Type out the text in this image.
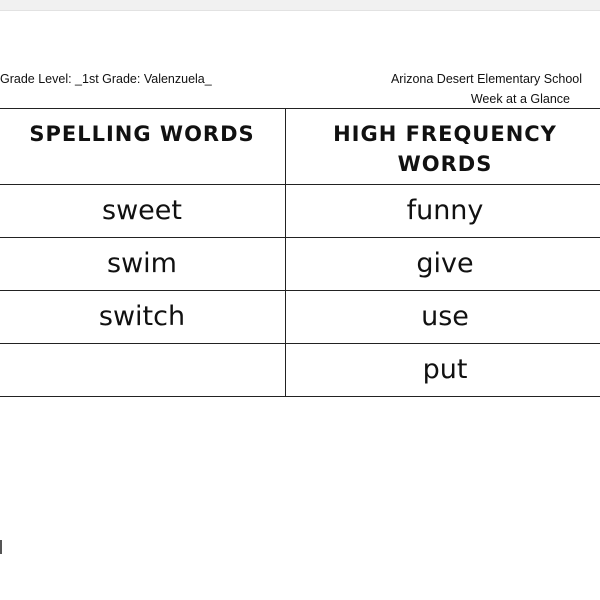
Grade Level: _1st Grade: Valenzuela_	Arizona Desert Elementary School
Week at a Glance
SPELLING WORDS	HIGH FREQUENCY WORDS
sweet	funny
swim	give
switch	use
	put
